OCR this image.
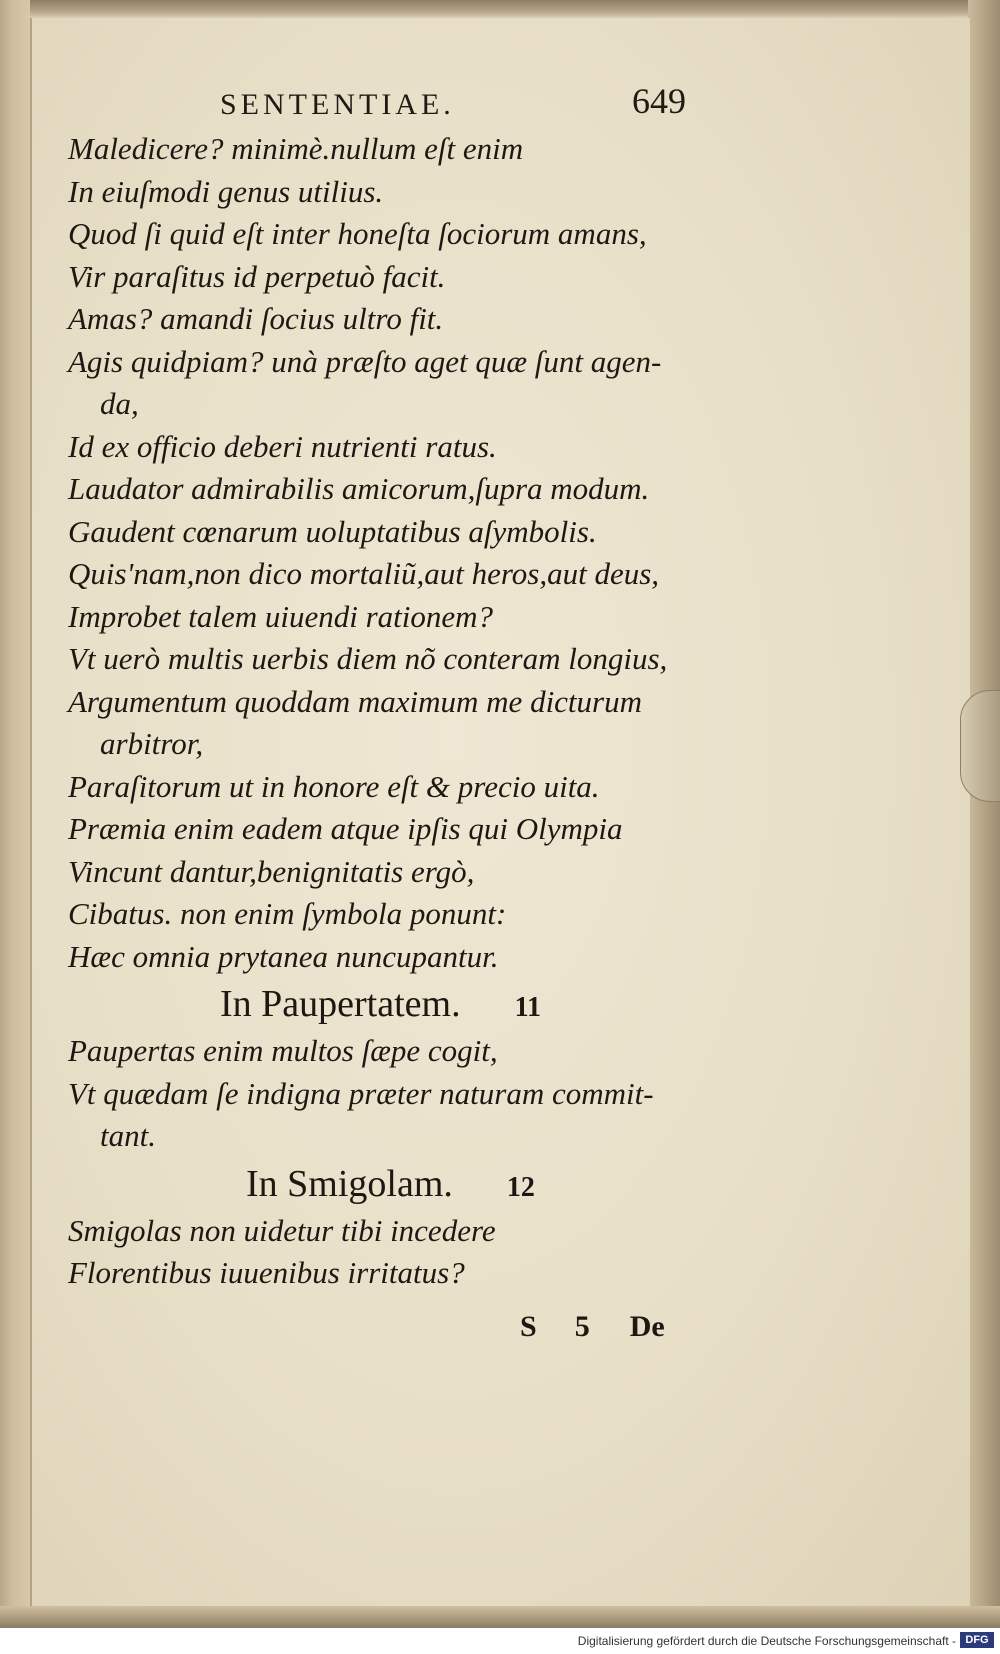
SENTENTIAE.	649
Maledicere? minimè.nullum eſt enim
In eiuſmodi genus utilius.
Quod ſi quid eſt inter honeſta ſociorum amans,
Vir paraſitus id perpetuò facit.
Amas? amandi ſocius ultro fit.
Agis quidpiam? unà præſto aget quæ ſunt agen-
da,
Id ex officio deberi nutrienti ratus.
Laudator admirabilis amicorum,ſupra modum.
Gaudent cœnarum uoluptatibus aſymbolis.
Quis'nam,non dico mortaliũ,aut heros,aut deus,
Improbet talem uiuendi rationem?
Vt uerò multis uerbis diem nõ conteram longius,
Argumentum quoddam maximum me dicturum
arbitror,
Paraſitorum ut in honore eſt & precio uita.
Præmia enim eadem atque ipſis qui Olympia
Vincunt dantur,benignitatis ergò,
Cibatus. non enim ſymbola ponunt:
Hæc omnia prytanea nuncupantur.
In Paupertatem. 11
Paupertas enim multos ſæpe cogit,
Vt quædam ſe indigna præter naturam commit-
tant.
In Smigolam. 12
Smigolas non uidetur tibi incedere
Florentibus iuuenibus irritatus?
S 5 De
Digitalisierung gefördert durch die Deutsche Forschungsgemeinschaft - DFG
